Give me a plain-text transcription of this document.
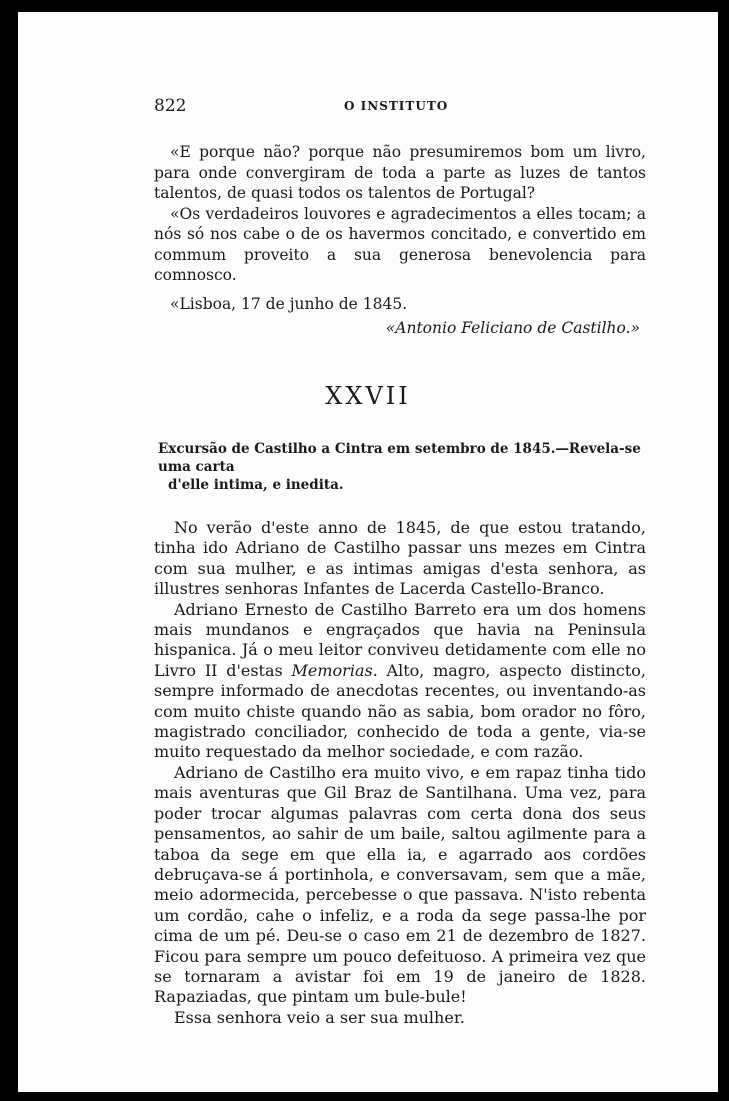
822	O INSTITUTO

«E porque não? porque não presumiremos bom um livro, para onde convergiram de toda a parte as luzes de tantos talentos, de quasi todos os talentos de Portugal?

«Os verdadeiros louvores e agradecimentos a elles tocam; a nós só nos cabe o de os havermos concitado, e convertido em commum proveito a sua generosa benevolencia para comnosco.

«Lisboa, 17 de junho de 1845.

«Antonio Feliciano de Castilho.»

XXVII
Excursão de Castilho a Cintra em setembro de 1845.—Revela-se uma carta
d'elle intima, e inedita.

No verão d'este anno de 1845, de que estou tratando, tinha ido Adriano de Castilho passar uns mezes em Cintra com sua mulher, e as intimas amigas d'esta senhora, as illustres senhoras Infantes de Lacerda Castello-Branco.

Adriano Ernesto de Castilho Barreto era um dos homens mais mundanos e engraçados que havia na Peninsula hispanica. Já o meu leitor conviveu detidamente com elle no Livro II d'estas Memorias. Alto, magro, aspecto distincto, sempre informado de anecdotas recentes, ou inventando-as com muito chiste quando não as sabia, bom orador no fôro, magistrado conciliador, conhecido de toda a gente, via-se muito requestado da melhor sociedade, e com razão.

Adriano de Castilho era muito vivo, e em rapaz tinha tido mais aventuras que Gil Braz de Santilhana. Uma vez, para poder trocar algumas palavras com certa dona dos seus pensamentos, ao sahir de um baile, saltou agilmente para a taboa da sege em que ella ia, e agarrado aos cordões debruçava-se á portinhola, e conversavam, sem que a mãe, meio adormecida, percebesse o que passava. N'isto rebenta um cordão, cahe o infeliz, e a roda da sege passa-lhe por cima de um pé. Deu-se o caso em 21 de dezembro de 1827. Ficou para sempre um pouco defeituoso. A primeira vez que se tornaram a avistar foi em 19 de janeiro de 1828. Rapaziadas, que pintam um bule-bule!

Essa senhora veio a ser sua mulher.
